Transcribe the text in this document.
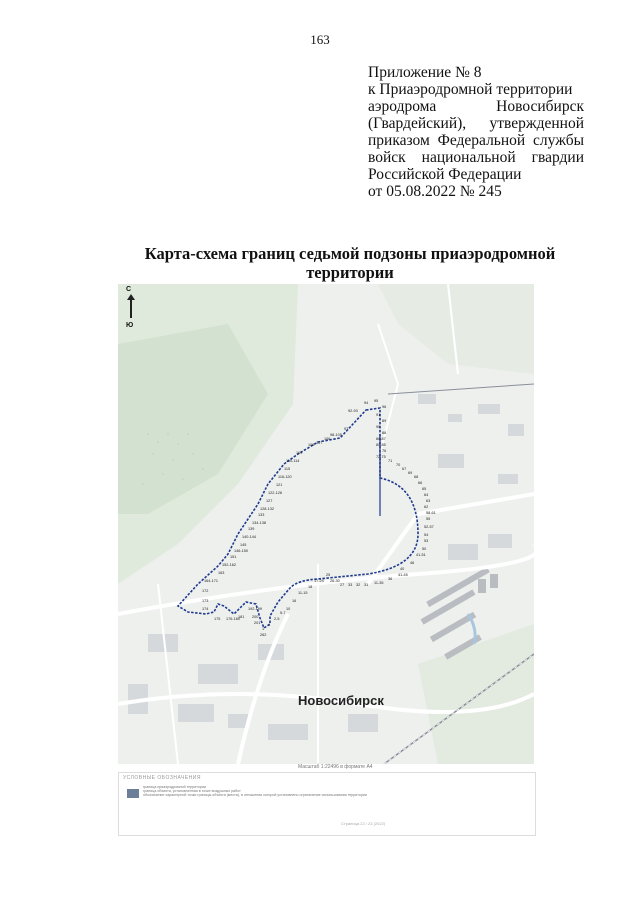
163
Приложение № 8
к Приаэродромной территории
аэродрома Новосибирск
(Гвардейский), утвержденной
приказом Федеральной службы
войск национальной гвардии
Российской Федерации
от 05.08.2022 № 245
Карта-схема границ седьмой подзоны приаэродромной территории
94 95
92-93
96
91
89
90
88
86-87
80-85
76
72-75
71
70
67
69
68
66
65
64
63
62
58-61
55
52-57
54
53
50
41-51
46
40
41-45
36
11-35
31
32
33
27
26-30
25
17-24
18
11-15
16
10
5-7
2-5
4
1
262
201
200
192-199
181
176-180
175
174
173
172
164-171
163
152-162
151
146-150
145
140-144
139
134-138
133
128-132
127
122-126
121
116-120
115
110-114
109
108 107
106
98-105
97
С
Ю
Новосибирск
Масштаб 1:22496 в формате А4
УСЛОВНЫЕ ОБОЗНАЧЕНИЯ
граница приаэродромной территории
граница объекта, установленная в точке воздушных работ
обозначение характерной точки границы объекта (места), в отношении которой установлено ограничение использования территории
Страница 22 / 23 (2022)
